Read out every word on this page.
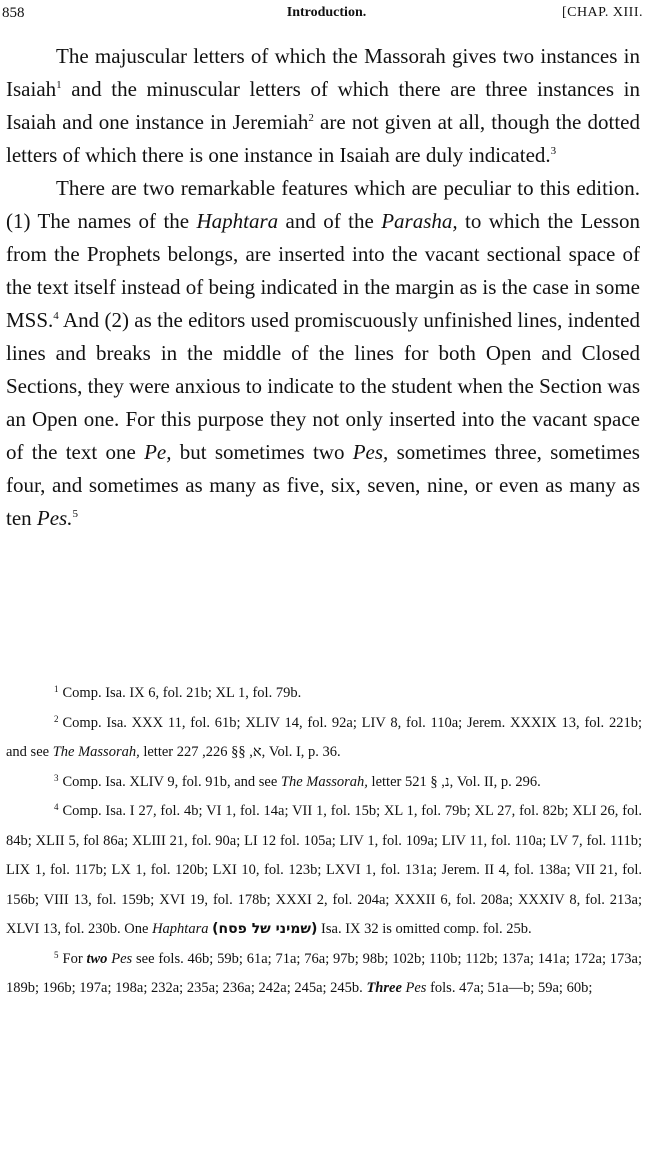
858	Introduction.	[CHAP. XIII.

The majuscular letters of which the Massorah gives two instances in Isaiah$^1$ and the minuscular letters of which there are three instances in Isaiah and one instance in Jeremiah$^2$ are not given at all, though the dotted letters of which there is one instance in Isaiah are duly indicated.$^3$

There are two remarkable features which are peculiar to this edition. (1) The names of the Haphtara and of the Parasha, to which the Lesson from the Prophets belongs, are inserted into the vacant sectional space of the text itself instead of being indicated in the margin as is the case in some MSS.$^4$ And (2) as the editors used promiscuously unfinished lines, indented lines and breaks in the middle of the lines for both Open and Closed Sections, they were anxious to indicate to the student when the Section was an Open one. For this purpose they not only inserted into the vacant space of the text one Pe, but sometimes two Pes, sometimes three, sometimes four, and sometimes as many as five, six, seven, nine, or even as many as ten Pes.$^5$

$^1$ Comp. Isa. IX 6, fol. 21b; XL 1, fol. 79b.

$^2$ Comp. Isa. XXX 11, fol. 61b; XLIV 14, fol. 92a; LIV 8, fol. 110a; Jerem. XXXIX 13, fol. 221b; and see The Massorah, letter א, §§ 226, 227, Vol. I, p. 36.

$^3$ Comp. Isa. XLIV 9, fol. 91b, and see The Massorah, letter נ, § 521, Vol. II, p. 296.

$^4$ Comp. Isa. I 27, fol. 4b; VI 1, fol. 14a; VII 1, fol. 15b; XL 1, fol. 79b; XL 27, fol. 82b; XLI 26, fol. 84b; XLII 5, fol 86a; XLIII 21, fol. 90a; LI 12 fol. 105a; LIV 1, fol. 109a; LIV 11, fol. 110a; LV 7, fol. 111b; LIX 1, fol. 117b; LX 1, fol. 120b; LXI 10, fol. 123b; LXVI 1, fol. 131a; Jerem. II 4, fol. 138a; VII 21, fol. 156b; VIII 13, fol. 159b; XVI 19, fol. 178b; XXXI 2, fol. 204a; XXXII 6, fol. 208a; XXXIV 8, fol. 213a; XLVI 13, fol. 230b. One Haphtara (שמיני של פסח) Isa. IX 32 is omitted comp. fol. 25b.

$^5$ For two Pes see fols. 46b; 59b; 61a; 71a; 76a; 97b; 98b; 102b; 110b; 112b; 137a; 141a; 172a; 173a; 189b; 196b; 197a; 198a; 232a; 235a; 236a; 242a; 245a; 245b. Three Pes fols. 47a; 51a—b; 59a; 60b;
